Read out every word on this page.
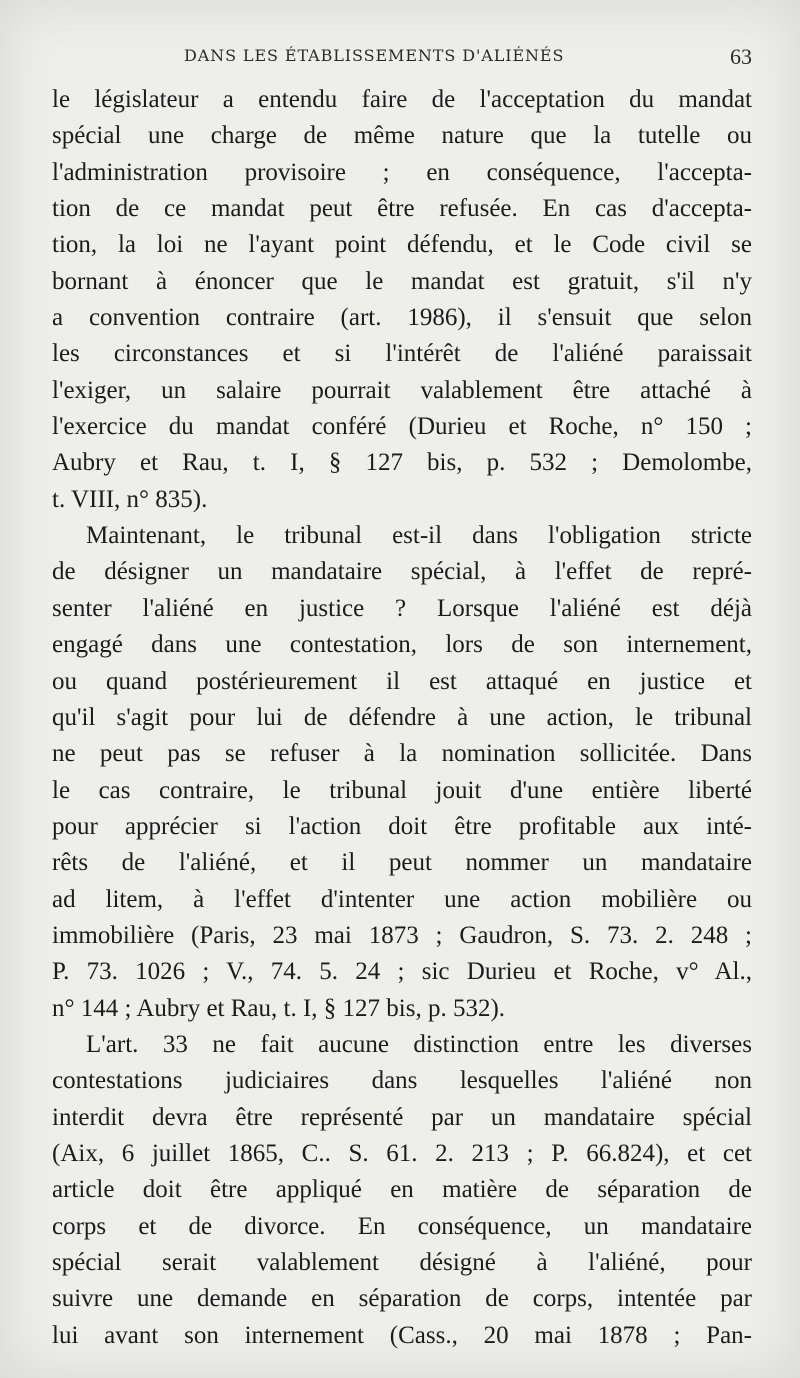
DANS LES ÉTABLISSEMENTS D'ALIÉNÉS	63
le législateur a entendu faire de l'acceptation du mandat
spécial une charge de même nature que la tutelle ou
l'administration provisoire ; en conséquence, l'accepta-
tion de ce mandat peut être refusée. En cas d'accepta-
tion, la loi ne l'ayant point défendu, et le Code civil se
bornant à énoncer que le mandat est gratuit, s'il n'y
a convention contraire (art. 1986), il s'ensuit que selon
les circonstances et si l'intérêt de l'aliéné paraissait
l'exiger, un salaire pourrait valablement être attaché à
l'exercice du mandat conféré (Durieu et Roche, n° 150 ;
Aubry et Rau, t. I, § 127 bis, p. 532 ; Demolombe,
t. VIII, n° 835).
Maintenant, le tribunal est-il dans l'obligation stricte
de désigner un mandataire spécial, à l'effet de repré-
senter l'aliéné en justice ? Lorsque l'aliéné est déjà
engagé dans une contestation, lors de son internement,
ou quand postérieurement il est attaqué en justice et
qu'il s'agit pour lui de défendre à une action, le tribunal
ne peut pas se refuser à la nomination sollicitée. Dans
le cas contraire, le tribunal jouit d'une entière liberté
pour apprécier si l'action doit être profitable aux inté-
rêts de l'aliéné, et il peut nommer un mandataire
ad litem, à l'effet d'intenter une action mobilière ou
immobilière (Paris, 23 mai 1873 ; Gaudron, S. 73. 2. 248 ;
P. 73. 1026 ; V., 74. 5. 24 ; sic Durieu et Roche, v° Al.,
n° 144 ; Aubry et Rau, t. I, § 127 bis, p. 532).
L'art. 33 ne fait aucune distinction entre les diverses
contestations judiciaires dans lesquelles l'aliéné non
interdit devra être représenté par un mandataire spécial
(Aix, 6 juillet 1865, C.. S. 61. 2. 213 ; P. 66.824), et cet
article doit être appliqué en matière de séparation de
corps et de divorce. En conséquence, un mandataire
spécial serait valablement désigné à l'aliéné, pour
suivre une demande en séparation de corps, intentée par
lui avant son internement (Cass., 20 mai 1878 ; Pan-
